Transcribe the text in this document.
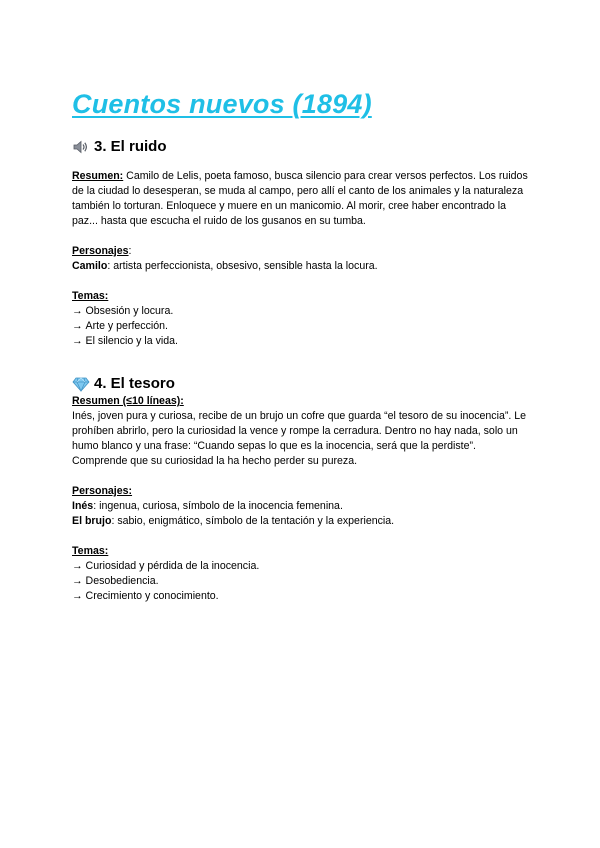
Cuentos nuevos (1894)
3. El ruido

Resumen: Camilo de Lelis, poeta famoso, busca silencio para crear versos perfectos. Los ruidos de la ciudad lo desesperan, se muda al campo, pero allí el canto de los animales y la naturaleza también lo torturan. Enloquece y muere en un manicomio. Al morir, cree haber encontrado la paz... hasta que escucha el ruido de los gusanos en su tumba.

Personajes:

Camilo: artista perfeccionista, obsesivo, sensible hasta la locura.

Temas:

→ Obsesión y locura.
→ Arte y perfección.
→ El silencio y la vida.
4. El tesoro

Resumen (≤10 líneas):

Inés, joven pura y curiosa, recibe de un brujo un cofre que guarda “el tesoro de su inocencia”. Le prohíben abrirlo, pero la curiosidad la vence y rompe la cerradura. Dentro no hay nada, solo un humo blanco y una frase: “Cuando sepas lo que es la inocencia, será que la perdiste”. Comprende que su curiosidad la ha hecho perder su pureza.

Personajes:

Inés: ingenua, curiosa, símbolo de la inocencia femenina.

El brujo: sabio, enigmático, símbolo de la tentación y la experiencia.

Temas:

→ Curiosidad y pérdida de la inocencia.
→ Desobediencia.
→ Crecimiento y conocimiento.
